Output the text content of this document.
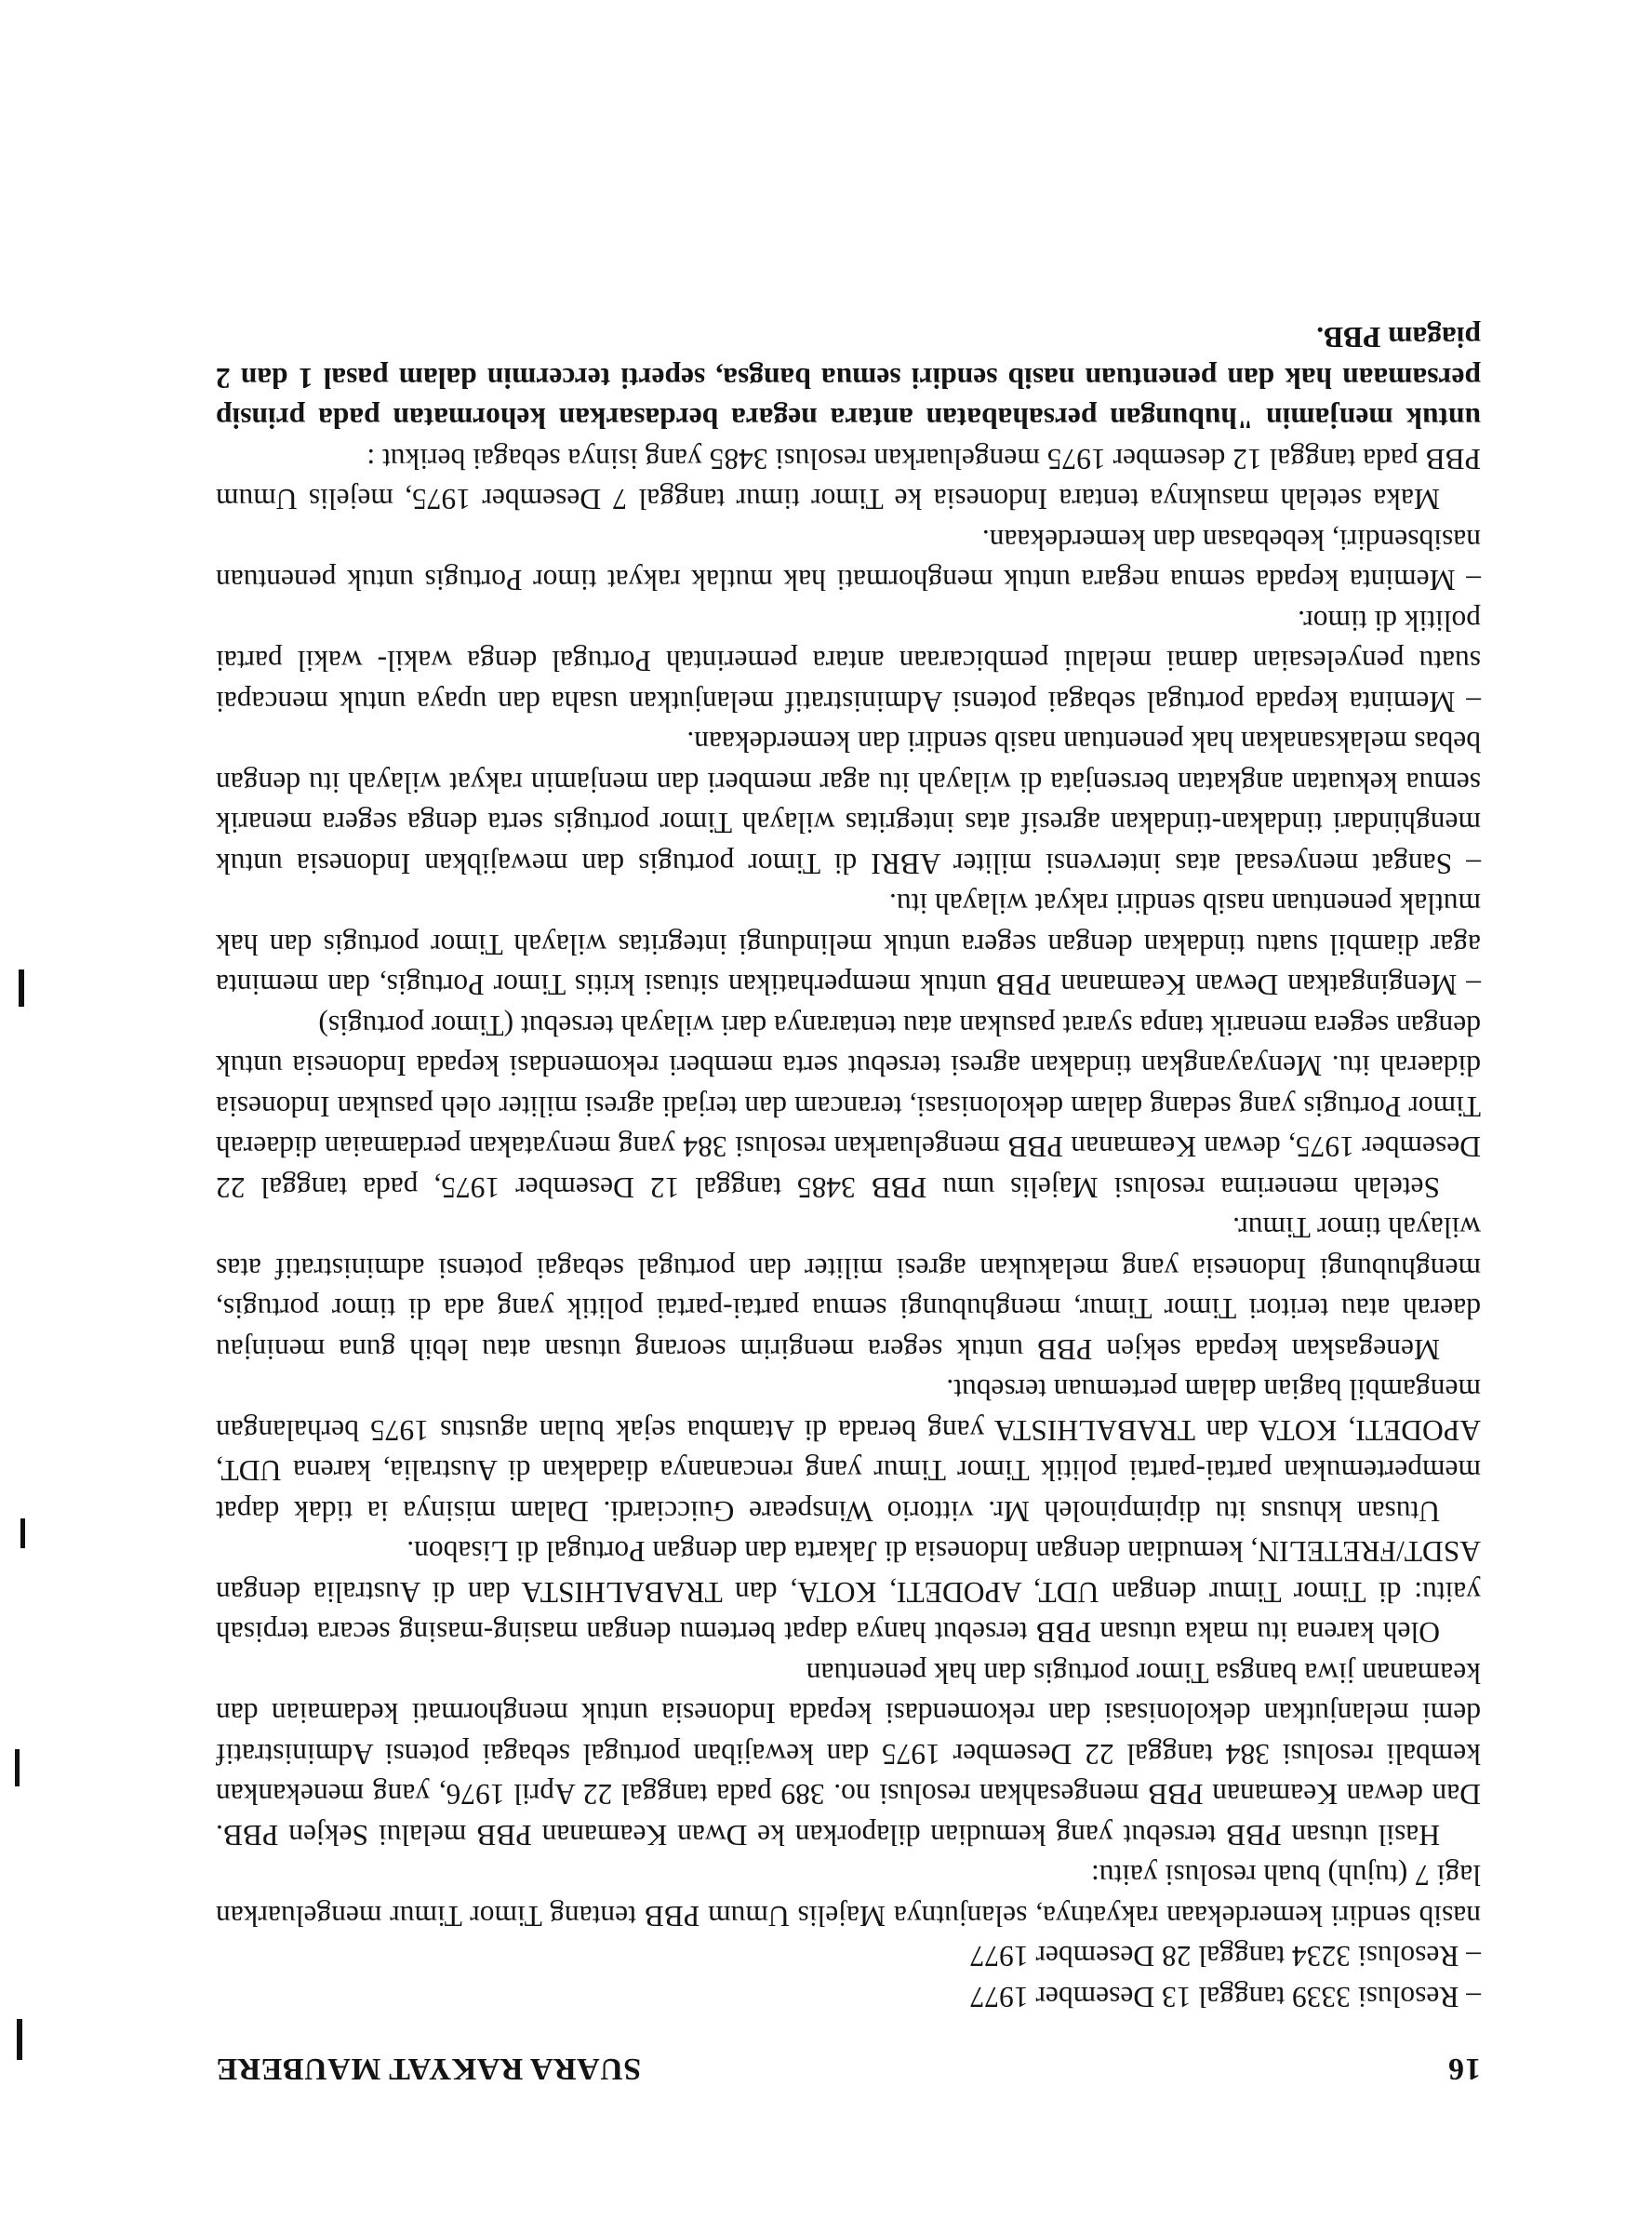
16
SUARA RAKYAT MAUBERE

– Resolusi 3339 tanggal 13 Desember 1977

– Resolusi 3234 tanggal 28 Desember 1977

nasib sendiri kemerdekaan rakyatnya, selanjutnya Majelis Umum PBB tentang Timor Timur mengeluarkan lagi 7 (tujuh) buah resolusi yaitu:

Hasil utusan PBB tersebut yang kemudian dilaporkan ke Dwan Keamanan PBB melalui Sekjen PBB. Dan dewan Keamanan PBB mengesahkan resolusi no. 389 pada tanggal 22 April 1976, yang menekankan kembali resolusi 384 tanggal 22 Desember 1975 dan kewajiban portugal sebagai potensi Administratif demi melanjutkan dekolonisasi dan rekomendasi kepada Indonesia untuk menghormati kedamaian dan keamanan jiwa bangsa Timor portugis dan hak penentuan

Oleh karena itu maka utusan PBB tersebut hanya dapat bertemu dengan masing-masing secara terpisah yaitu: di Timor Timur dengan UDT, APODETI, KOTA, dan TRABALHISTA dan di Australia dengan ASDT/FRETELIN, kemudian dengan Indonesia di Jakarta dan dengan Portugal di Lisabon.

Utusan khusus itu dipimpinoleh Mr. vittorio Winspeare Guicciardi. Dalam misinya ia tidak dapat mempertemukan partai-partai politik Timor Timur yang rencananya diadakan di Australia, karena UDT, APODETI, KOTA dan TRABALHISTA yang berada di Atambua sejak bulan agustus 1975 berhalangan mengambil bagian dalam pertemuan tersebut.

Menegaskan kepada sekjen PBB untuk segera mengirim seorang utusan atau lebih guna meninjau daerah atau teritori Timor Timur, menghubungi semua partai-partai politik yang ada di timor portugis, menghubungi Indonesia yang melakukan agresi militer dan portugal sebagai potensi administratif atas wilayah timor Timur.

Setelah menerima resolusi Majelis umu PBB 3485 tanggal 12 Desember 1975, pada tanggal 22 Desember 1975, dewan Keamanan PBB mengeluarkan resolusi 384 yang menyatakan perdamaian didaerah Timor Portugis yang sedang dalam dekolonisasi, terancam dan terjadi agresi militer oleh pasukan Indonesia didaerah itu. Menyayangkan tindakan agresi tersebut serta memberi rekomendasi kepada Indonesia untuk dengan segera menarik tanpa syarat pasukan atau tentaranya dari wilayah tersebut (Timor portugis)

– Mengingatkan Dewan Keamanan PBB untuk memperhatikan situasi kritis Timor Portugis, dan meminta agar diambil suatu tindakan dengan segera untuk melindungi integritas wilayah Timor portugis dan hak mutlak penentuan nasib sendiri rakyat wilayah itu.

– Sangat menyesaal atas intervensi militer ABRI di Timor portugis dan mewajibkan Indonesia untuk menghindari tindakan-tindakan agresif atas integritas wilayah Timor portugis serta denga segera menarik semua kekuatan angkatan bersenjata di wilayah itu agar memberi dan menjamin rakyat wilayah itu dengan bebas melaksanakan hak penentuan nasib sendiri dan kemerdekaan.

– Meminta kepada portugal sebagai potensi Administratif melanjutkan usaha dan upaya untuk mencapai suatu penyelesaian damai melalui pembicaraan antara pemerintah Portugal denga wakil- wakil partai politik di timor.

– Meminta kepada semua negara untuk menghormati hak mutlak rakyat timor Portugis untuk penentuan nasibsendiri, kebebasan dan kemerdekaan.

Maka setelah masuknya tentara Indonesia ke Timor timur tanggal 7 Desember 1975, mejelis Umum PBB pada tanggal 12 desember 1975 mengeluarkan resolusi 3485 yang isinya sebagai berikut :

untuk menjamin "hubungan persahabatan antara negara berdasarkan kehormatan pada prinsip persamaan hak dan penentuan nasib sendiri semua bangsa, seperti tercermin dalam pasal 1 dan 2 piagam PBB.
